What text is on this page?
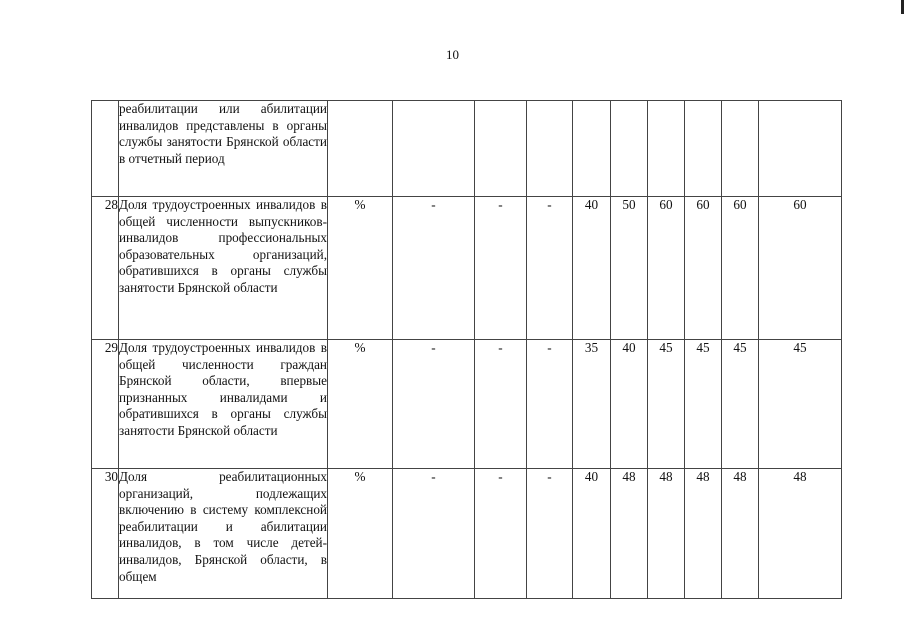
10
	реабилитации или абилитации инвалидов представлены в органы службы занятости Брянской области в отчетный период										
28	Доля трудоустроенных инвалидов в общей численности выпускников-инвалидов профессиональных образовательных организаций, обратившихся в органы службы занятости Брянской области	%	-	-	-	40	50	60	60	60	60
29	Доля трудоустроенных инвалидов в общей численности граждан Брянской области, впервые признанных инвалидами и обратившихся в органы службы занятости Брянской области	%	-	-	-	35	40	45	45	45	45
30	Доля реабилитационных организаций, подлежащих включению в систему комплексной реабилитации и абилитации инвалидов, в том числе детей-инвалидов, Брянской области, в общем	%	-	-	-	40	48	48	48	48	48
